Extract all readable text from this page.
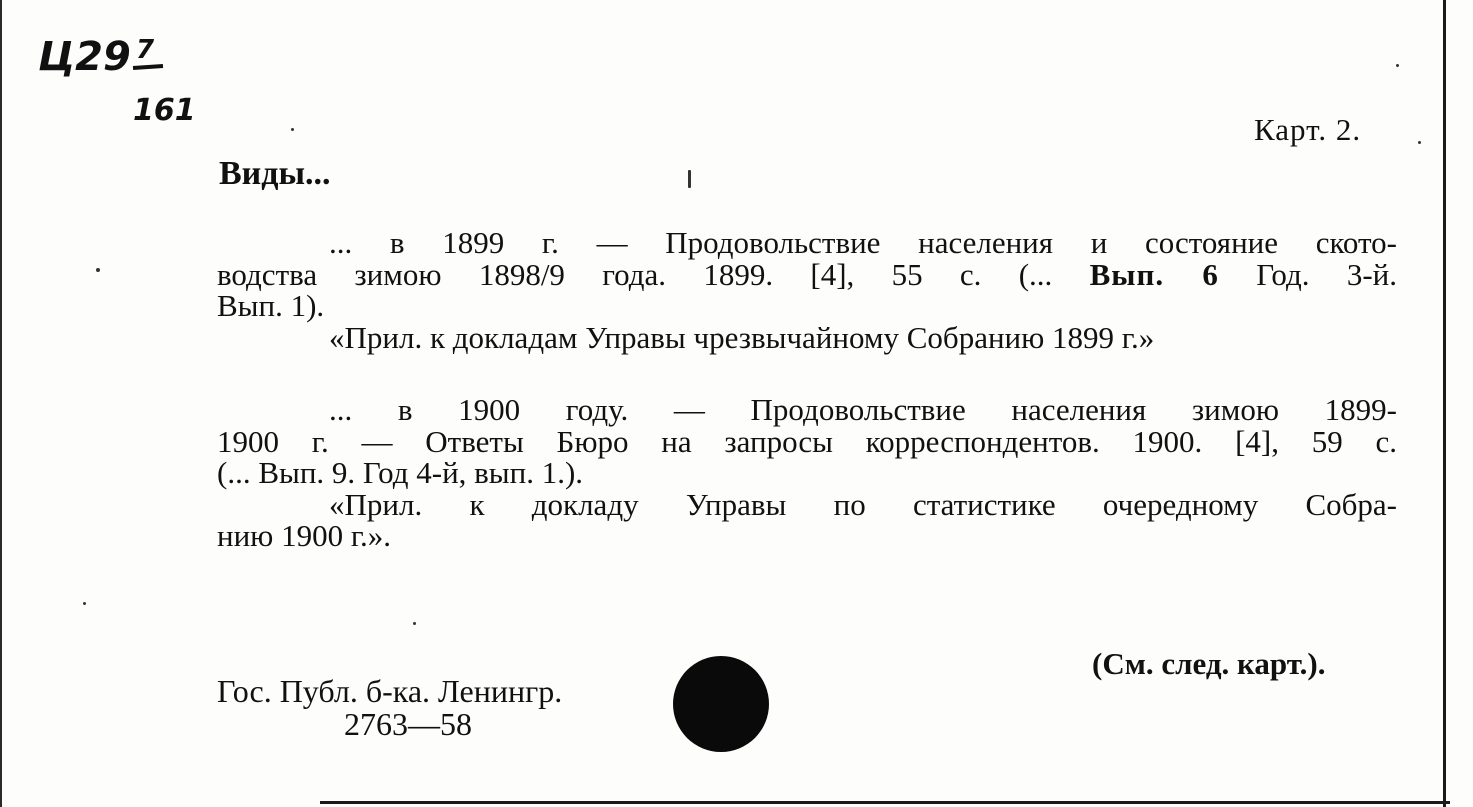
Ц29 7
161
Карт. 2.
Виды...
... в 1899 г. — Продовольствие населения и состояние ското-
водства зимою 1898/9 года. 1899. [4], 55 с. (... Вып. 6 Год. 3-й.
Вып. 1).
«Прил. к докладам Управы чрезвычайному Собранию 1899 г.»
... в 1900 году. — Продовольствие населения зимою 1899-
1900 г. — Ответы Бюро на запросы корреспондентов. 1900. [4], 59 с.
(... Вып. 9. Год 4-й, вып. 1.).
«Прил. к докладу Управы по статистике очередному Собра-
нию 1900 г.».
(См. след. карт.).
Гос. Публ. б-ка. Ленингр.
2763—58
